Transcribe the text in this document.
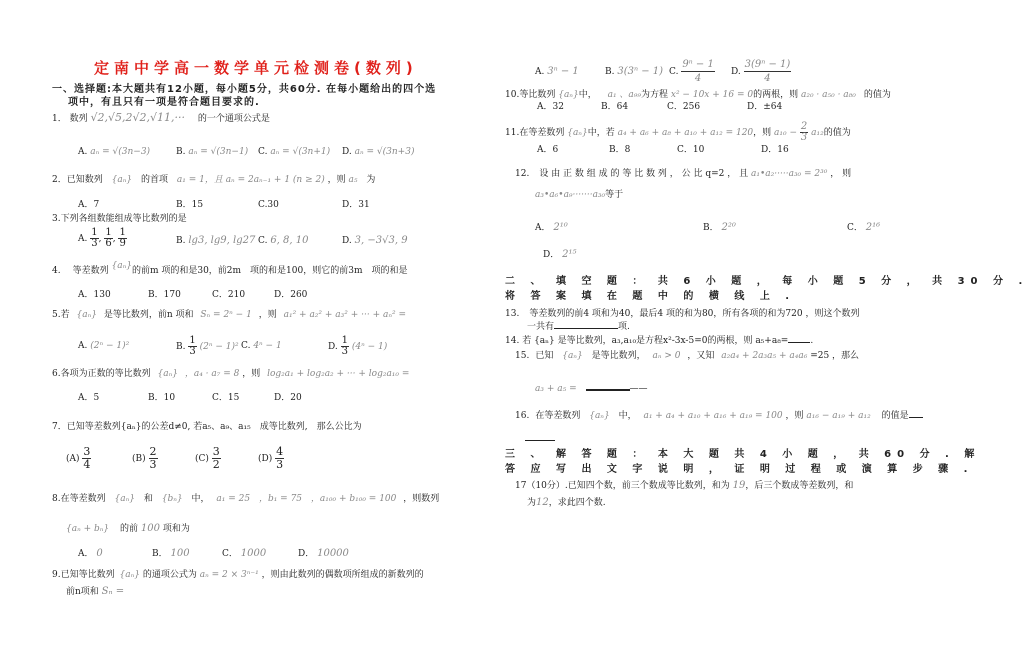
定南中学高一数学单元检测卷(数列)
一、选择题:本大题共有12小题，每小题5分，共60分. 在每小题给出的四个选
项中，有且只有一项是符合题目要求的.
1． 数列 √2,√5,2√2,√11,··· 的一个通项公式是
A. aₙ = √(3n−3)	B. aₙ = √(3n−1) C. aₙ = √(3n+1) D. aₙ = √(3n+3)
2．已知数列 {aₙ} 的首项 a₁ = 1，且 aₙ = 2aₙ₋₁ + 1 (n ≥ 2) ，则 a₅ 为
A．7	B．15	C.30	D．31
3.下列各组数能组成等比数列的是
A. $\frac{1}{3}$ , $\frac{1}{6}$ , $\frac{1}{9}$	B. lg3, lg9, lg27 C. 6, 8, 10	D. 3, −3√3, 9
4. 等差数列 {aₙ}的前m 项的和是30，前2m　项的和是100，则它的前3m　项的和是
A．130	B．170	C．210	D．260
5.若 {aₙ} 是等比数列，前n 项和 Sₙ = 2ⁿ − 1 ，则 a₁² + a₂² + a₃² + ··· + aₙ² =
A. (2ⁿ − 1)²	B. $\frac{1}{3} (2^n - 1)^2$ C. 4ⁿ − 1	D. $\frac{1}{3} (4^n - 1)$
6.各项为正数的等比数列 {aₙ} ，a₄ · a₇ = 8 ，则 log₂a₁ + log₂a₂ + ··· + log₂a₁₀ =
A．5	B．10	C．15	D．20
7．已知等差数列{aₙ}的公差d≠0, 若a₅、a₉、a₁₅　成等比数列,　那么公比为
$(A) \frac{3}{4}$	$(B) \frac{2}{3}$	$(C) \frac{3}{2}$	$(D) \frac{4}{3}$
8.在等差数列 {aₙ} 和 {bₙ} 中， a₁ = 25 ，b₁ = 75 ，a₁₀₀ + b₁₀₀ = 100 ，则数列
{aₙ + bₙ} 的前 100 项和为
A． 0	B． 100	C． 1000	D． 10000
9.已知等比数列 {aₙ} 的通项公式为 aₙ = 2 × 3ⁿ⁻¹ ，则由此数列的偶数项所组成的新数列的
前n项和 Sₙ =
A. 3ⁿ − 1	B. 3(3ⁿ − 1) C. $\frac{\text{9ⁿ − 1}}{4} D$. $\frac{\text{3(9ⁿ − 1)}}{4}$
10.等比数列 {aₙ}中， a₁ 、a₉₉为方程 x² − 10x + 16 = 0的两根，则 a₂₀ · a₅₀ · a₈₀ 的值为
A．32	B．64	C．256	D．±64
11.在等差数列 {aₙ}中，若 a₄ + a₆ + a₈ + a₁₀ + a₁₂ = 120，则 $a_{10} - \frac{2}{3} a_{12}$的值为
A．6	B．8	C．10	D．16
12. 设 由 正 数 组 成 的 等 比 数 列 ， 公 比 q=2 ， 且 a₁•a₂·····a₃₀ = 2³⁰ ， 则
a₃•a₆•a₉·······a₃₀等于
A． 2¹⁰	B． 2²⁰	C． 2¹⁶
D． 2¹⁵
二 、 填 空 题 ： 共 6 小 题 ， 每 小 题 5 分 ， 共 30 分 .
将 答 案 填 在 题 中 的 横 线 上 .
13. 等差数列的前4 项和为40，最后4 项的和为80，所有各项的和为720 ，则这个数列
一共有	项.
14. 若 {aₙ} 是等比数列，a₃,a₁₀是方程x²-3x-5=0的两根，则 a₅+a₈= .
15. 已知 {aₙ} 是等比数列， aₙ > 0 ，又知 a₂a₄ + 2a₃a₅ + a₄a₆ =25 ，那么
a₃ + a₅ =	——
16. 在等差数列 {aₙ} 中， a₁ + a₄ + a₁₀ + a₁₆ + a₁₉ = 100 ，则 a₁₆ − a₁₉ + a₁₂ 的值是
三 、 解 答 题 ： 本 大 题 共 4 小 题 ， 共 60 分 . 解
答 应 写 出 文 字 说 明 ， 证 明 过 程 或 演 算 步 骤 .
17（10分）.已知四个数，前三个数成等比数列，和为 19，后三个数成等差数列，和
为12，求此四个数.
